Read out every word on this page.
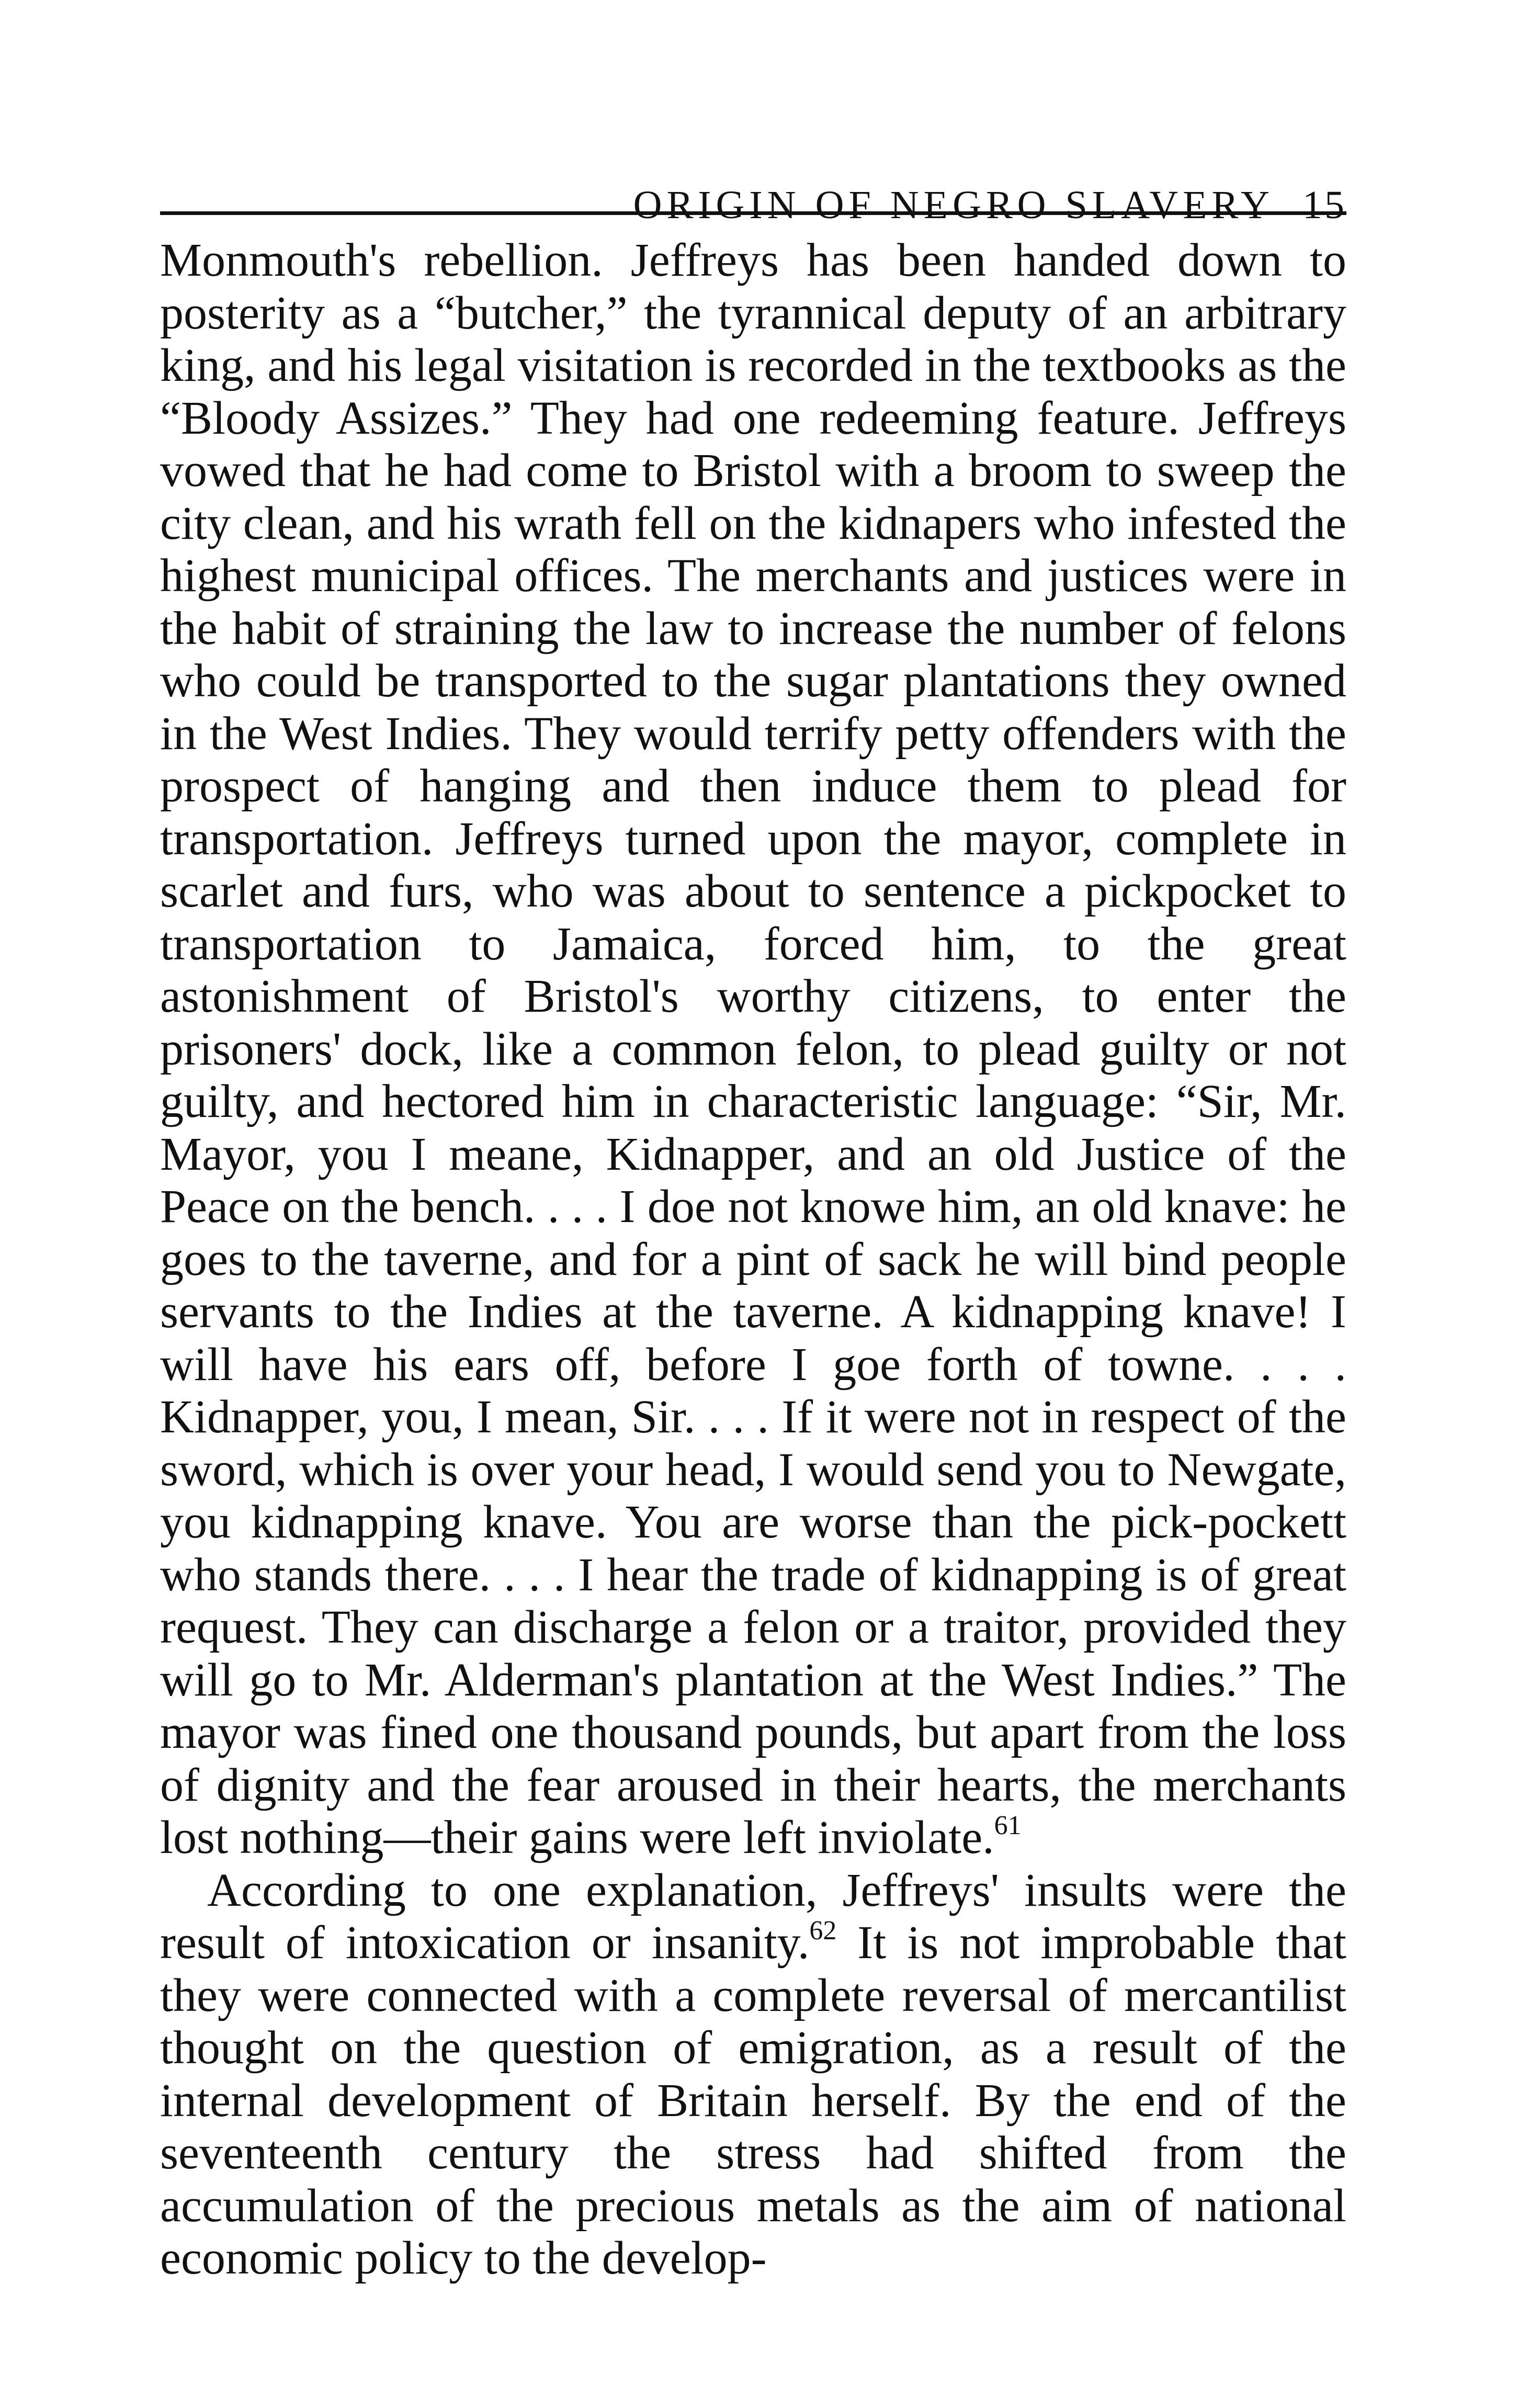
ORIGIN OF NEGRO SLAVERY 15

Monmouth's rebellion. Jeffreys has been handed down to posterity as a “butcher,” the tyrannical deputy of an arbitrary king, and his legal visitation is recorded in the textbooks as the “Bloody Assizes.” They had one redeeming feature. Jeffreys vowed that he had come to Bristol with a broom to sweep the city clean, and his wrath fell on the kidnapers who infested the highest municipal offices. The merchants and justices were in the habit of straining the law to increase the number of felons who could be transported to the sugar plantations they owned in the West Indies. They would terrify petty offenders with the prospect of hanging and then induce them to plead for transportation. Jeffreys turned upon the mayor, complete in scarlet and furs, who was about to sentence a pickpocket to transportation to Jamaica, forced him, to the great astonishment of Bristol's worthy citizens, to enter the prisoners' dock, like a common felon, to plead guilty or not guilty, and hectored him in characteristic language: “Sir, Mr. Mayor, you I meane, Kidnapper, and an old Justice of the Peace on the bench. . . . I doe not knowe him, an old knave: he goes to the taverne, and for a pint of sack he will bind people servants to the Indies at the taverne. A kidnapping knave! I will have his ears off, before I goe forth of towne. . . . Kidnapper, you, I mean, Sir. . . . If it were not in respect of the sword, which is over your head, I would send you to Newgate, you kidnapping knave. You are worse than the pick-pockett who stands there. . . . I hear the trade of kidnapping is of great request. They can discharge a felon or a traitor, provided they will go to Mr. Alderman's plantation at the West Indies.” The mayor was fined one thousand pounds, but apart from the loss of dignity and the fear aroused in their hearts, the merchants lost nothing—their gains were left inviolate.$^{61}$

According to one explanation, Jeffreys' insults were the result of intoxication or insanity.$^{62}$ It is not improbable that they were connected with a complete reversal of mercantilist thought on the question of emigration, as a result of the internal development of Britain herself. By the end of the seventeenth century the stress had shifted from the accumulation of the precious metals as the aim of national economic policy to the develop-
